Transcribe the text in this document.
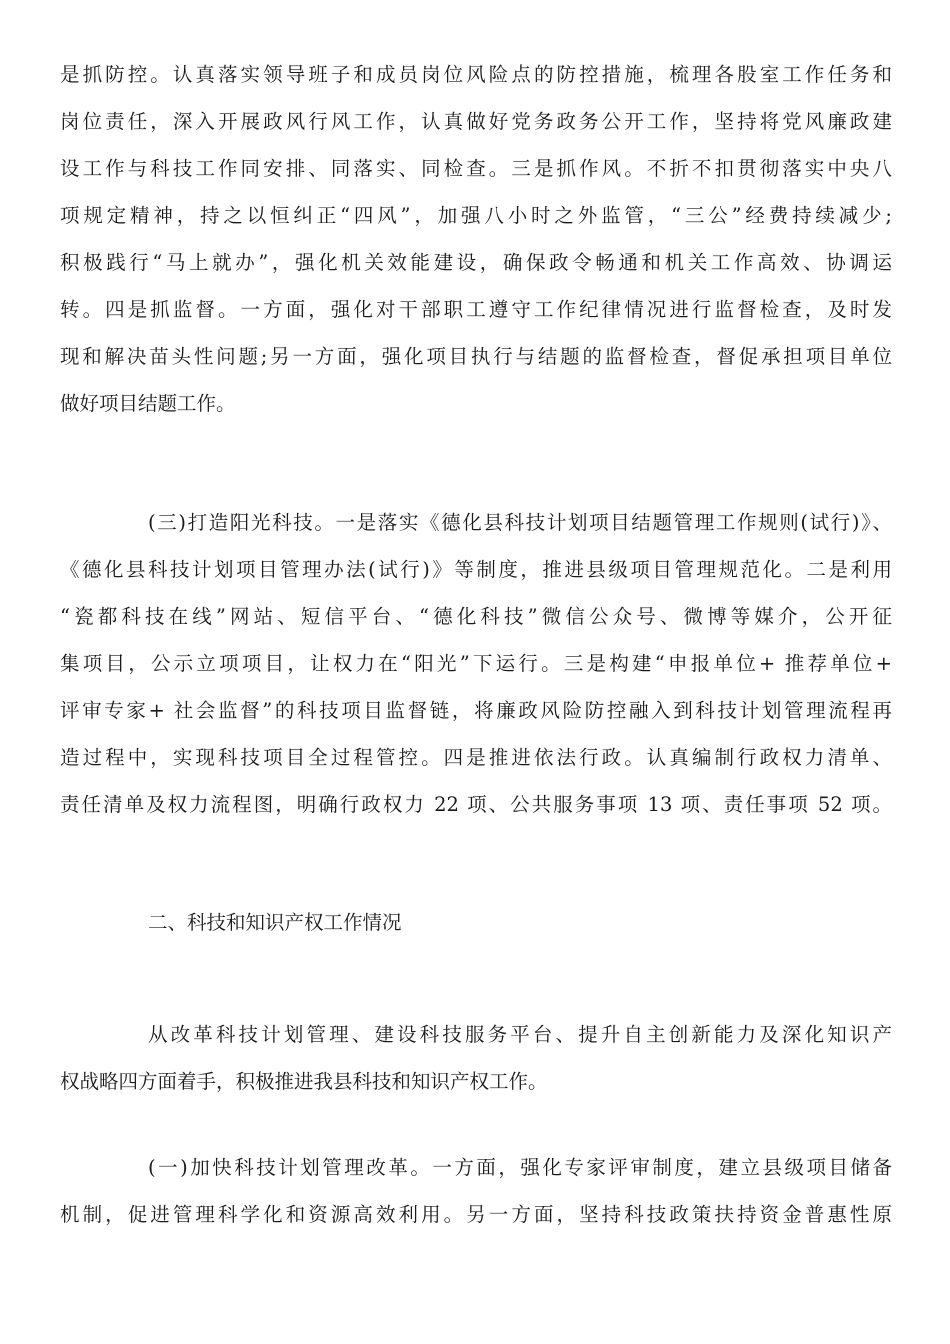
是抓防控。认真落实领导班子和成员岗位风险点的防控措施，梳理各股室工作任务和
岗位责任，深入开展政风行风工作，认真做好党务政务公开工作，坚持将党风廉政建
设工作与科技工作同安排、同落实、同检查。三是抓作风。不折不扣贯彻落实中央八
项规定精神，持之以恒纠正“四风”，加强八小时之外监管，“三公”经费持续减少;
积极践行“马上就办”，强化机关效能建设，确保政令畅通和机关工作高效、协调运
转。四是抓监督。一方面，强化对干部职工遵守工作纪律情况进行监督检查，及时发
现和解决苗头性问题;另一方面，强化项目执行与结题的监督检查，督促承担项目单位
做好项目结题工作。
(三)打造阳光科技。一是落实《德化县科技计划项目结题管理工作规则(试行)》、
《德化县科技计划项目管理办法(试行)》等制度，推进县级项目管理规范化。二是利用
“瓷都科技在线”网站、短信平台、“德化科技”微信公众号、微博等媒介，公开征
集项目，公示立项项目，让权力在“阳光”下运行。三是构建“申报单位+ 推荐单位+
评审专家+ 社会监督”的科技项目监督链，将廉政风险防控融入到科技计划管理流程再
造过程中，实现科技项目全过程管控。四是推进依法行政。认真编制行政权力清单、
责任清单及权力流程图，明确行政权力 22 项、公共服务事项 13 项、责任事项 52 项。
二、科技和知识产权工作情况
从改革科技计划管理、建设科技服务平台、提升自主创新能力及深化知识产
权战略四方面着手，积极推进我县科技和知识产权工作。
(一)加快科技计划管理改革。一方面，强化专家评审制度，建立县级项目储备
机制，促进管理科学化和资源高效利用。另一方面，坚持科技政策扶持资金普惠性原
